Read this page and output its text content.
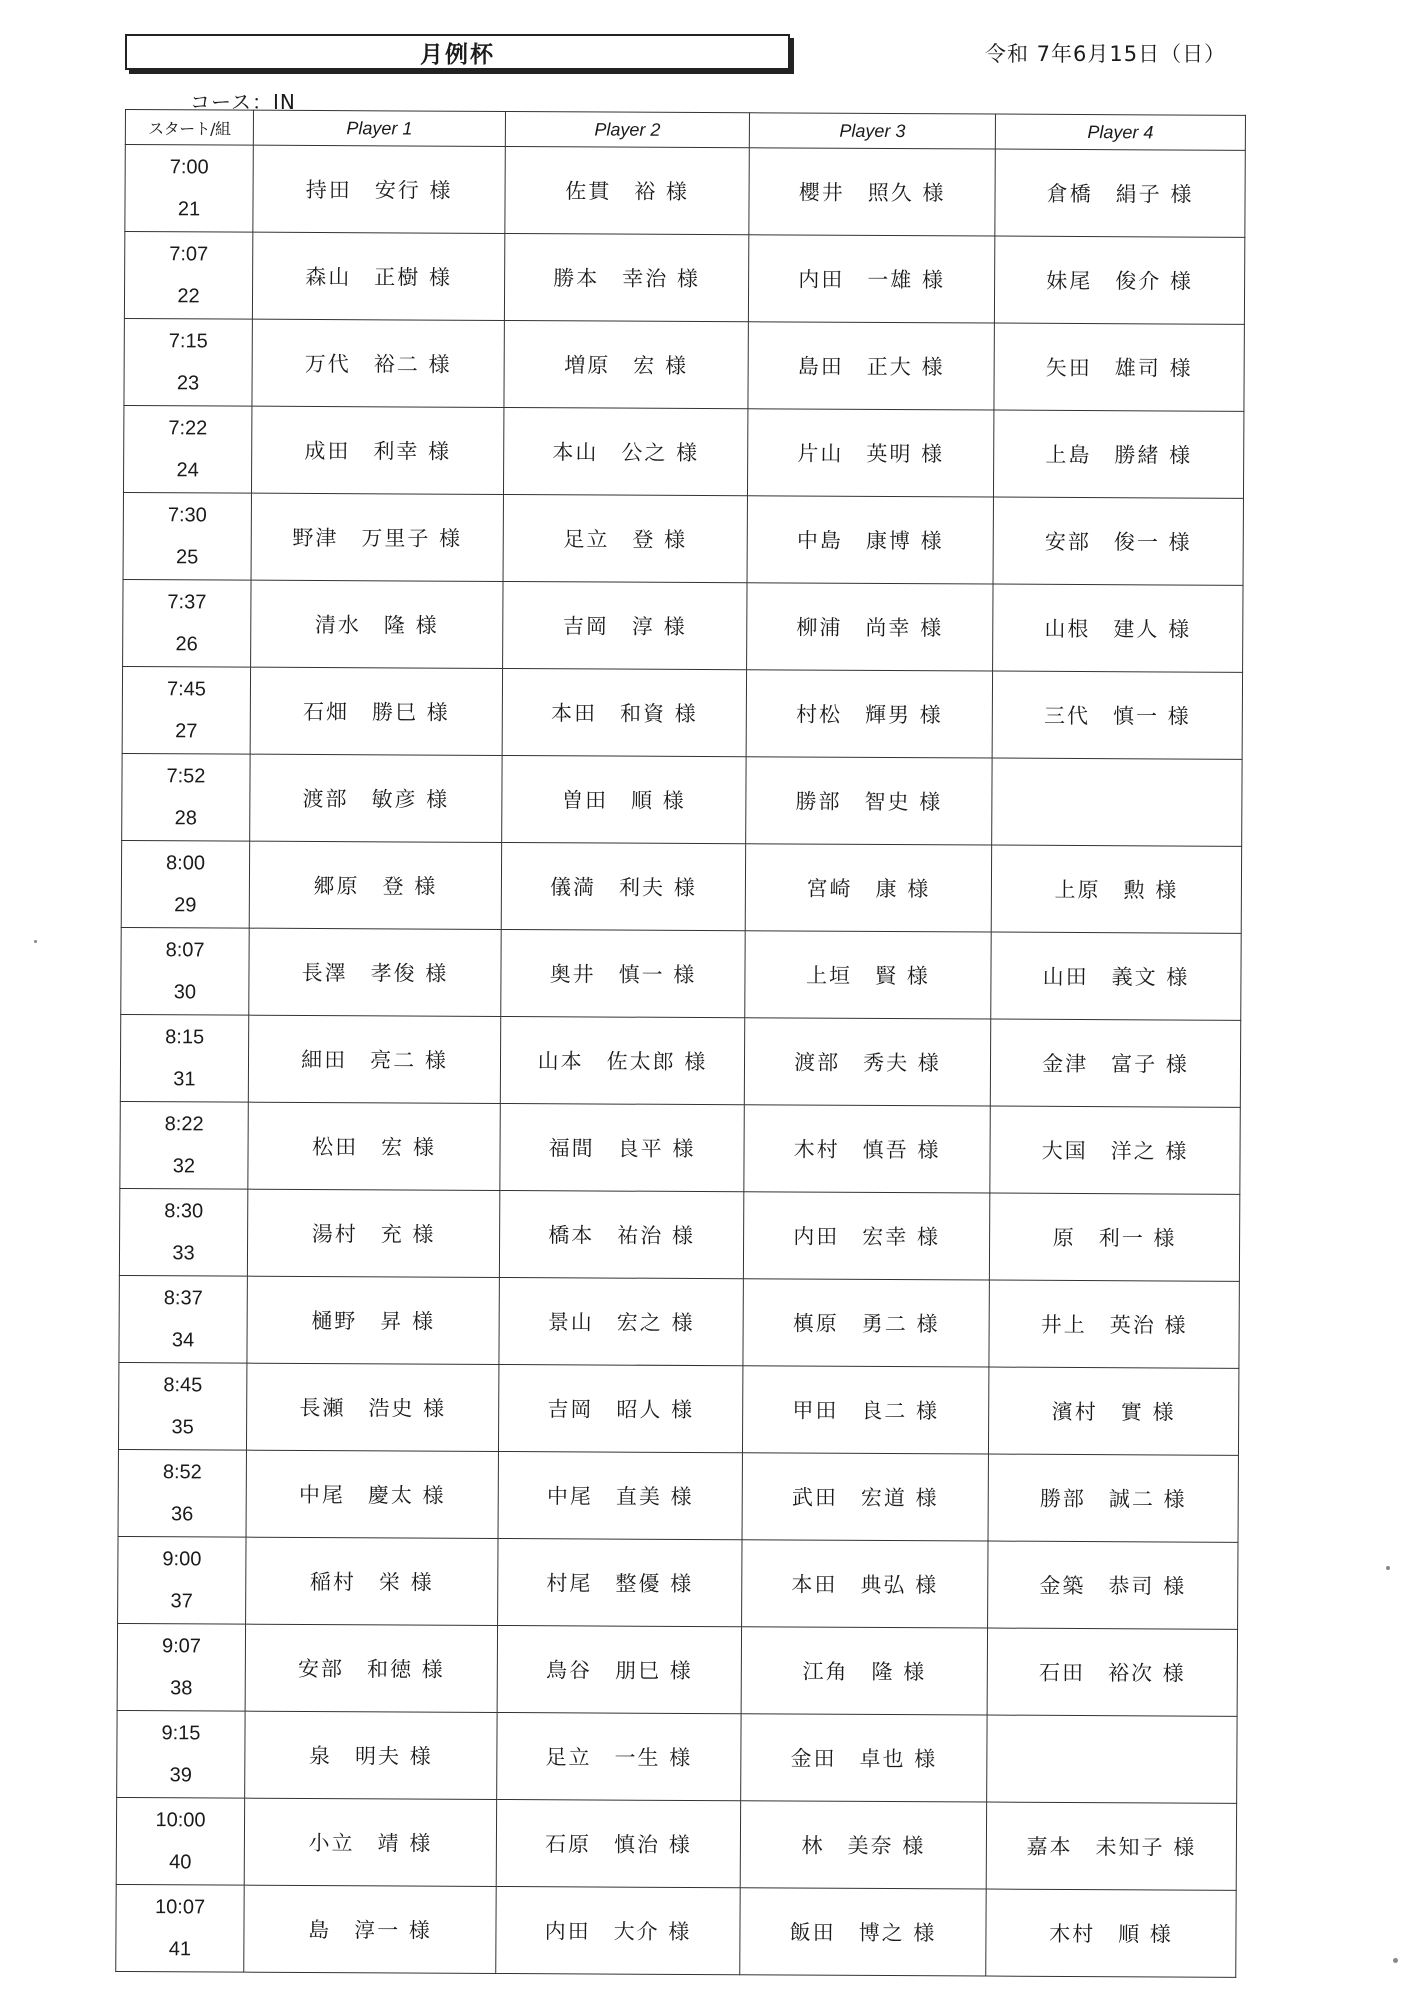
月例杯	令和 7年6月15日（日）
コース：IN
スタート/組	Player 1	Player 2	Player 3	Player 4

7:00
21	持田　安行 様	佐貫　裕 様	櫻井　照久 様	倉橋　絹子 様

7:07
22	森山　正樹 様	勝本　幸治 様	内田　一雄 様	妹尾　俊介 様

7:15
23	万代　裕二 様	増原　宏 様	島田　正大 様	矢田　雄司 様

7:22
24	成田　利幸 様	本山　公之 様	片山　英明 様	上島　勝緒 様

7:30
25	野津　万里子 様	足立　登 様	中島　康博 様	安部　俊一 様

7:37
26	清水　隆 様	吉岡　淳 様	柳浦　尚幸 様	山根　建人 様

7:45
27	石畑　勝巳 様	本田　和資 様	村松　輝男 様	三代　慎一 様

7:52
28	渡部　敏彦 様	曽田　順 様	勝部　智史 様	

8:00
29	郷原　登 様	儀満　利夫 様	宮崎　康 様	上原　勲 様

8:07
30	長澤　孝俊 様	奥井　慎一 様	上垣　賢 様	山田　義文 様

8:15
31	細田　亮二 様	山本　佐太郎 様	渡部　秀夫 様	金津　富子 様

8:22
32	松田　宏 様	福間　良平 様	木村　慎吾 様	大国　洋之 様

8:30
33	湯村　充 様	橋本　祐治 様	内田　宏幸 様	原　利一 様

8:37
34	樋野　昇 様	景山　宏之 様	槙原　勇二 様	井上　英治 様

8:45
35	長瀬　浩史 様	吉岡　昭人 様	甲田　良二 様	濱村　實 様

8:52
36	中尾　慶太 様	中尾　直美 様	武田　宏道 様	勝部　誠二 様

9:00
37	稲村　栄 様	村尾　整優 様	本田　典弘 様	金築　恭司 様

9:07
38	安部　和徳 様	鳥谷　朋巳 様	江角　隆 様	石田　裕次 様

9:15
39	泉　明夫 様	足立　一生 様	金田　卓也 様	

10:00
40	小立　靖 様	石原　慎治 様	林　美奈 様	嘉本　未知子 様

10:07
41	島　淳一 様	内田　大介 様	飯田　博之 様	木村　順 様
